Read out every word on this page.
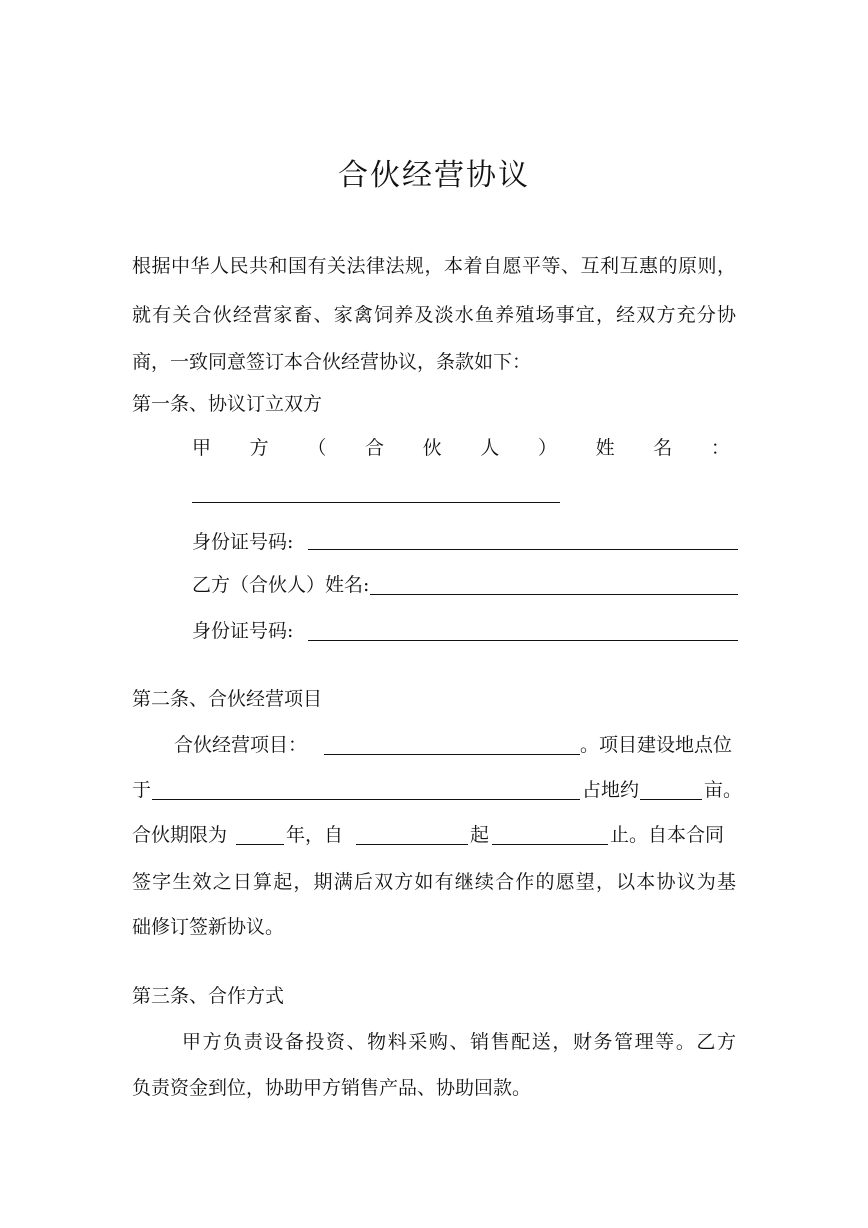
合伙经营协议
根据中华人民共和国有关法律法规，本着自愿平等、互利互惠的原则，
就有关合伙经营家畜、家禽饲养及淡水鱼养殖场事宜，经双方充分协
商，一致同意签订本合伙经营协议，条款如下：
第一条、协议订立双方
甲 方 （ 合 伙 人 ） 姓 名 ：
身份证号码:
乙方（合伙人）姓名:
身份证号码:
第二条、合伙经营项目
合伙经营项目：	。项目建设地点位
于	占地约	亩。
合伙期限为	年，自	起	止。自本合同
签字生效之日算起，期满后双方如有继续合作的愿望，以本协议为基
础修订签新协议。
第三条、合作方式
甲方负责设备投资、物料采购、销售配送，财务管理等。乙方
负责资金到位，协助甲方销售产品、协助回款。
